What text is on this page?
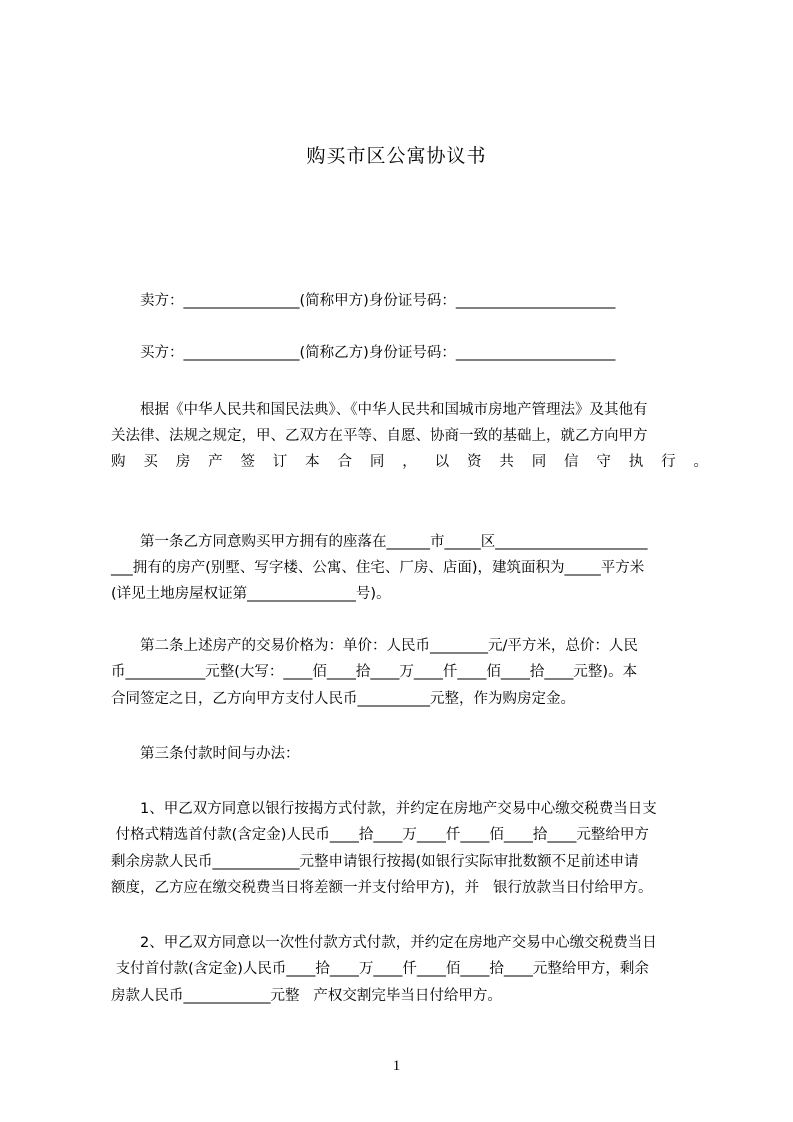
购买市区公寓协议书
　　卖方：________________(简称甲方)身份证号码：______________________
　　买方：________________(简称乙方)身份证号码：______________________
　　根据《中华人民共和国民法典》、《中华人民共和国城市房地产管理法》及其他有
关法律、法规之规定，甲、乙双方在平等、自愿、协商一致的基础上，就乙方向甲方
购买房产签订本合同，以资共同信守执行。
　　第一条乙方同意购买甲方拥有的座落在______市_____区_____________________
___拥有的房产(别墅、写字楼、公寓、住宅、厂房、店面)，建筑面积为_____平方米
(详见土地房屋权证第_______________号)。
　　第二条上述房产的交易价格为：单价：人民币________元/平方米，总价：人民
币___________元整(大写：____佰____拾____万____仟____佰____拾____元整)。本
合同签定之日，乙方向甲方支付人民币__________元整，作为购房定金。
　　第三条付款时间与办法：
　　1、甲乙双方同意以银行按揭方式付款，并约定在房地产交易中心缴交税费当日支
付格式精选首付款(含定金)人民币____拾____万____仟____佰____拾____元整给甲方
剩余房款人民币____________元整申请银行按揭(如银行实际审批数额不足前述申请
额度，乙方应在缴交税费当日将差额一并支付给甲方)，并   银行放款当日付给甲方。
　　2、甲乙双方同意以一次性付款方式付款，并约定在房地产交易中心缴交税费当日
支付首付款(含定金)人民币____拾____万____仟____佰____拾____元整给甲方，剩余
房款人民币____________元整   产权交割完毕当日付给甲方。
1
